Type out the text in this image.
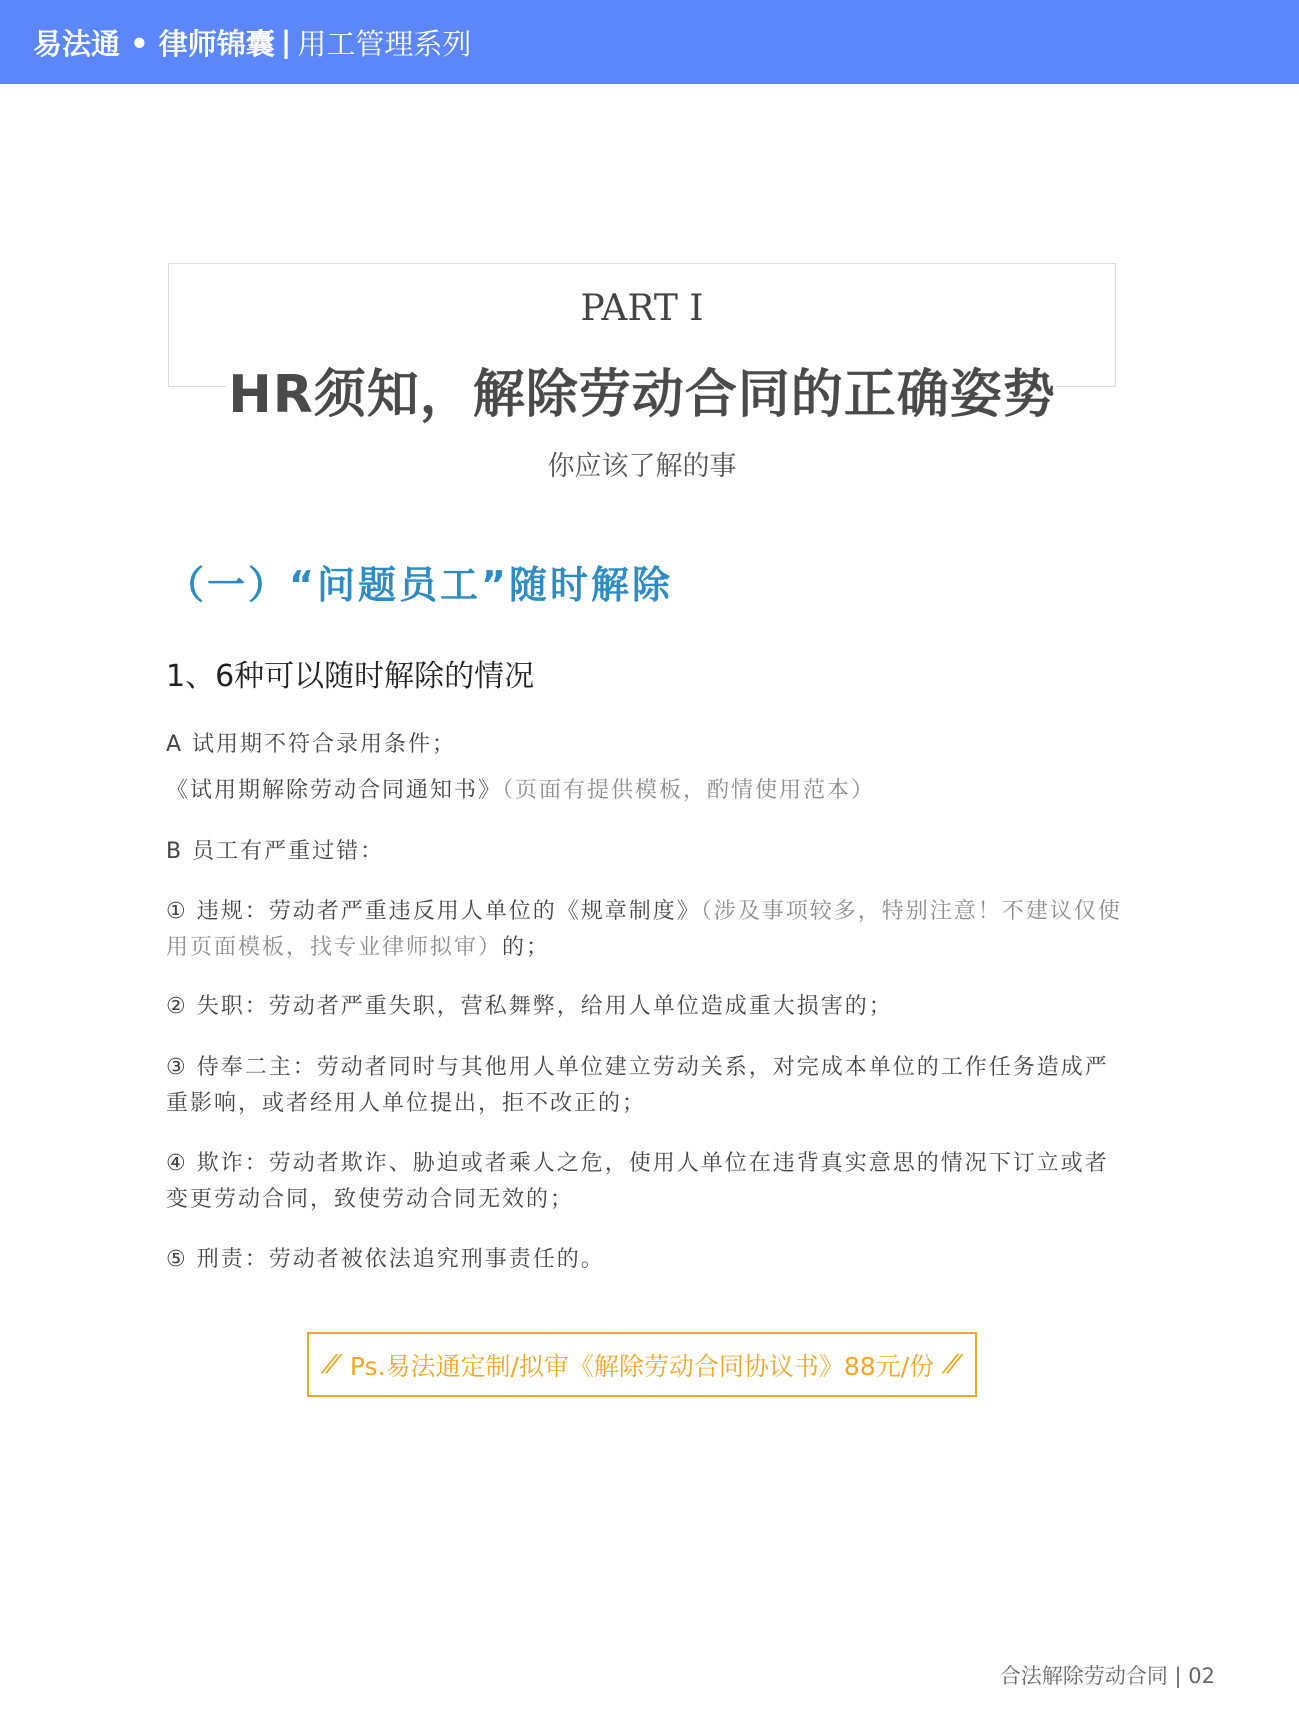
易法通 • 律师锦囊 | 用工管理系列
PART Ⅰ
HR须知，解除劳动合同的正确姿势
你应该了解的事
（一）“问题员工”随时解除
1、6种可以随时解除的情况

A 试用期不符合录用条件；

《试用期解除劳动合同通知书》（页面有提供模板，酌情使用范本）

B 员工有严重过错：

① 违规：劳动者严重违反用人单位的《规章制度》（涉及事项较多，特别注意！不建议仅使用页面模板，找专业律师拟审）的；

② 失职：劳动者严重失职，营私舞弊，给用人单位造成重大损害的；

③ 侍奉二主：劳动者同时与其他用人单位建立劳动关系，对完成本单位的工作任务造成严重影响，或者经用人单位提出，拒不改正的；

④ 欺诈：劳动者欺诈、胁迫或者乘人之危，使用人单位在违背真实意思的情况下订立或者变更劳动合同，致使劳动合同无效的；

⑤ 刑责：劳动者被依法追究刑事责任的。

⁄⁄ Ps.易法通定制/拟审《解除劳动合同协议书》88元/份 ⁄⁄
合法解除劳动合同 | 02
